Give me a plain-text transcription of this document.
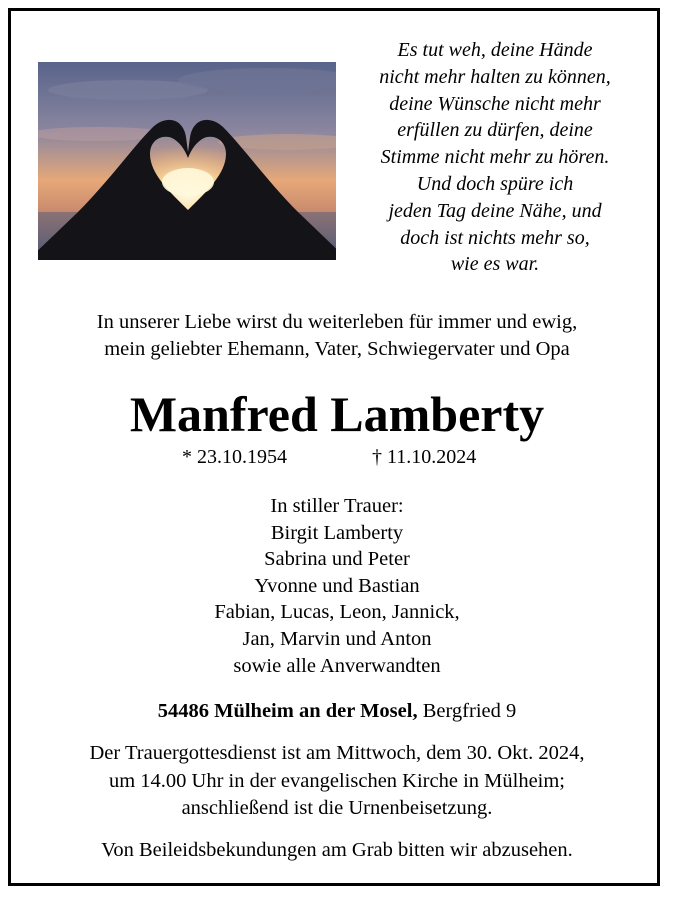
Es tut weh, deine Hände
nicht mehr halten zu können,
deine Wünsche nicht mehr
erfüllen zu dürfen, deine
Stimme nicht mehr zu hören.
Und doch spüre ich
jeden Tag deine Nähe, und
doch ist nichts mehr so,
wie es war.
In unserer Liebe wirst du weiterleben für immer und ewig,
mein geliebter Ehemann, Vater, Schwiegervater und Opa
Manfred Lamberty
* 23.10.1954	† 11.10.2024
In stiller Trauer:
Birgit Lamberty
Sabrina und Peter
Yvonne und Bastian
Fabian, Lucas, Leon, Jannick,
Jan, Marvin und Anton
sowie alle Anverwandten
54486 Mülheim an der Mosel, Bergfried 9
Der Trauergottesdienst ist am Mittwoch, dem 30. Okt. 2024,
um 14.00 Uhr in der evangelischen Kirche in Mülheim;
anschließend ist die Urnenbeisetzung.
Von Beileidsbekundungen am Grab bitten wir abzusehen.
